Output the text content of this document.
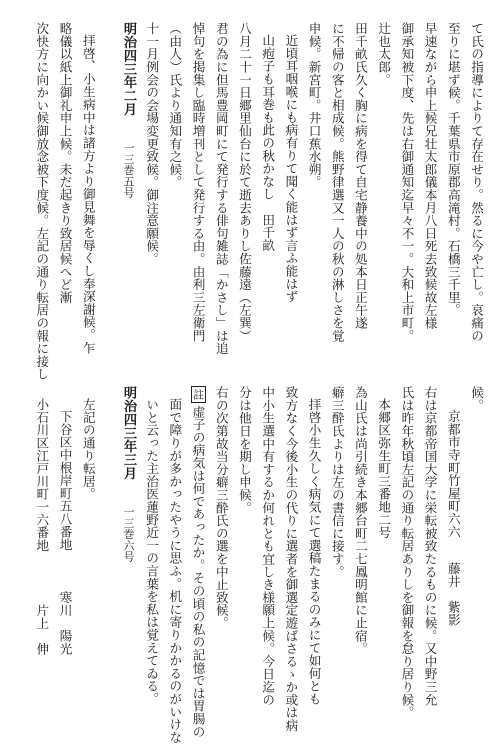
て氏の指導によりて存在せり。然るに今や亡し。哀痛の

至りに堪ず候。千葉県市原郡高滝村。石橋三千里。

早速ながら申上候兄壮太郎儀本月八日死去致候故左様

御承知被下度、先は右御通知迄早々不一。大和上市町。

辻也太郎。

田千畝氏久く胸に病を得て自宅静養中の処本日正午遂

に不帰の客と相成候。熊野律選又一人の秋の淋しさを覚

申候。新宮町。井口蕉水朔。

近頃耳咽喉にも病有りて聞く能はず言ふ能はず

山疱子も耳巻も此の秋かなし　田千畝

八月二十一日郷里仙台に於て逝去ありし佐藤遠（左巽）

君の為に但馬豊岡町にて発行する俳句雑誌「かさし」は追

悼句を掲集し臨時増刊として発行する由。由利三左衛門

（由人）氏より通知有之候。

十一月例会の会場変更致候。御注意願候。

明治四三年二月一三巻五号

拝啓、小生病中は諸方より御見舞を辱くし奉深謝候。乍

略儀以紙上御礼申上候。未だ起きり致居候へど漸

次快方に向かい候御放念被下度候。左記の通り転居の報に接し

候。

京都市寺町竹屋町六六藤井　紫影

右は京都帝国大学に栄転被致たるものに候。又中野三允

氏は昨年秋頃左記の通り転居ありしを御報を怠り居り候。

本郷区弥生町三番地二号

為山氏は尚引続き本郷台町二七鳳明館に止宿。

癖三酔氏よりは左の書信に接す。

拝啓小生久しく病気にて選稿たまるのみにて如何とも

致方なく今後小生の代りに選者を御選定遊ばさるゝか或は病

中小生選中有するか何れとも宜しき様願上候。今日迄の

分は他日を期し申候。

右の次第故当分癖三酔氏の選を中止致候。

註虚子の病気は何であったか。その頃の私の記憶では胃腸の

面で障りが多かったやうに思ふ。机に寄りかかるのがいけな

いと云った主治医蓮野近一の言葉を私は覚えてゐる。

明治四三年三月一三巻六号

左記の通り転居。

下谷区中根岸町五八番地寒川　陽光

小石川区江戸川町一六番地片上　伸
